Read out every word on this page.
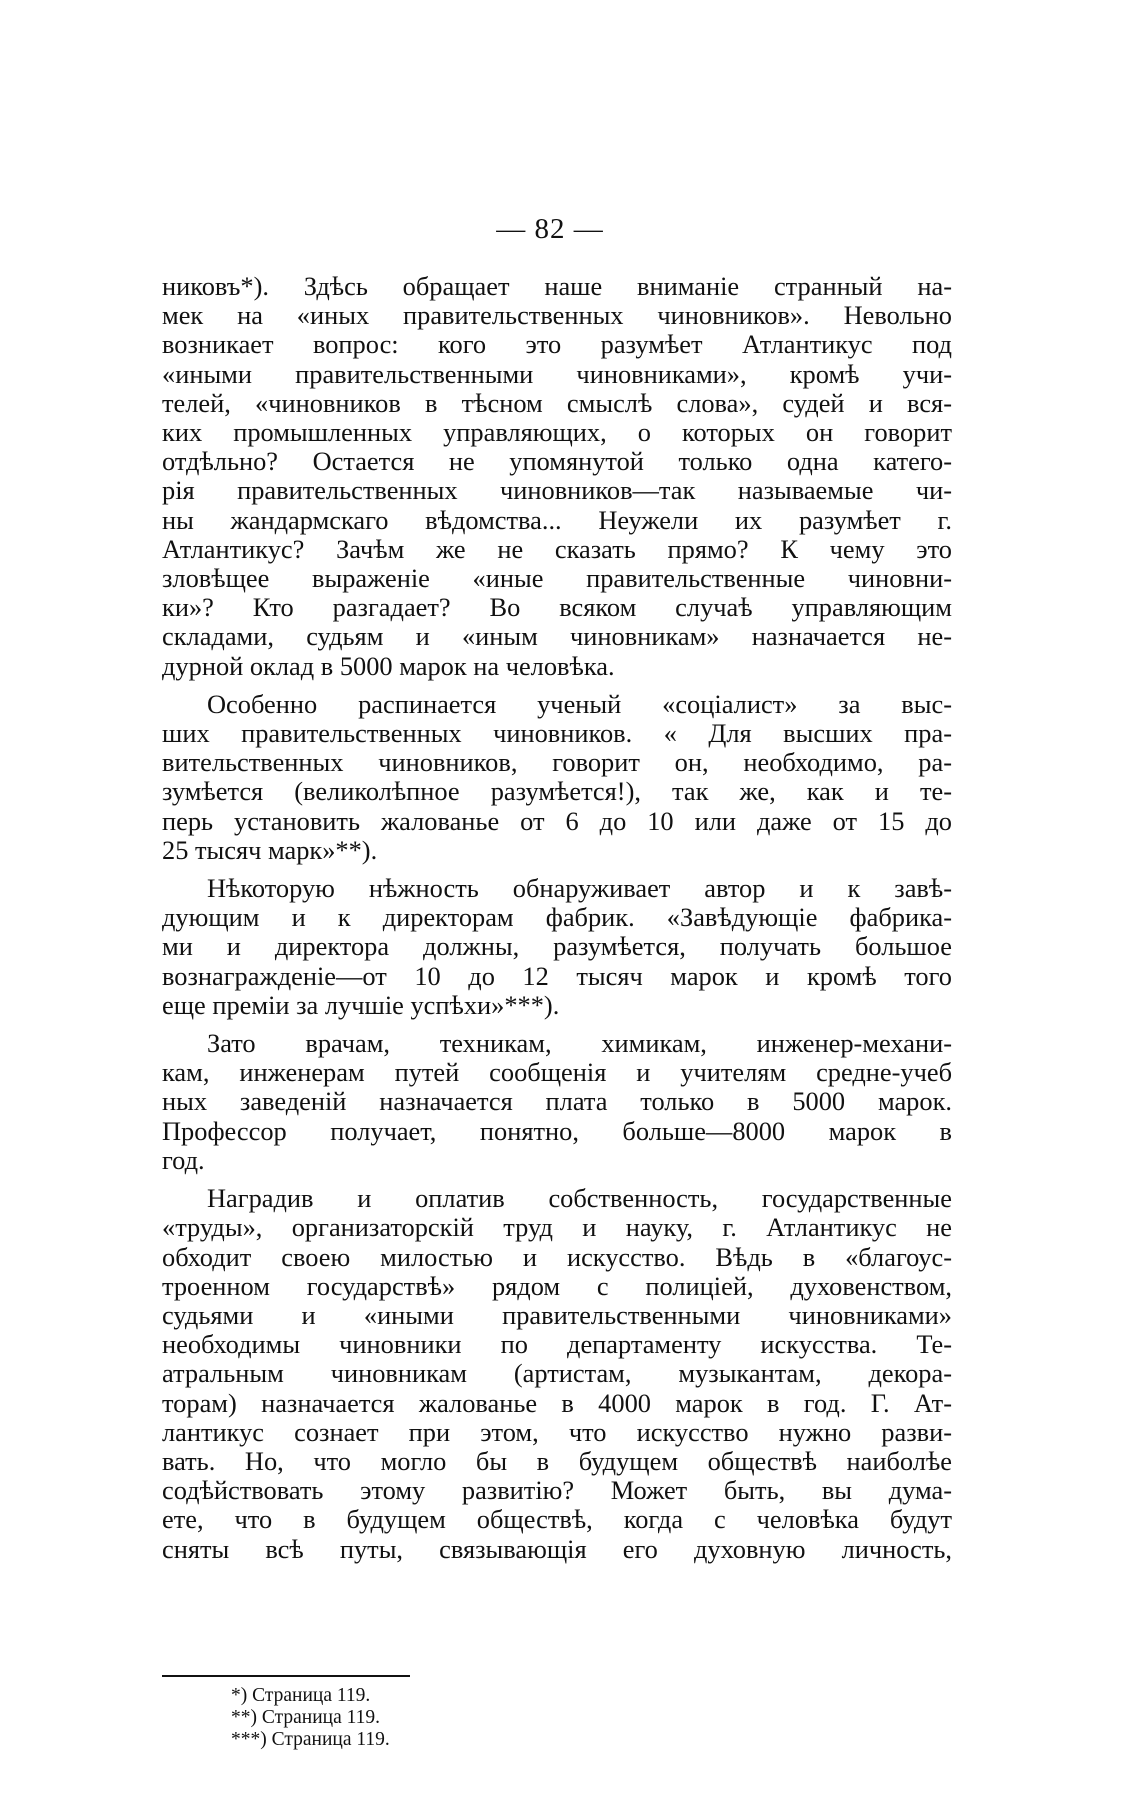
— 82 —
никовъ*). Здѣсь обращает наше вниманіе странный на-
мек на «иных правительственных чиновников». Невольно
возникает вопрос: кого это разумѣет Атлантикус под
«иными правительственными чиновниками», кромѣ учи-
телей, «чиновников в тѣсном смыслѣ слова», судей и вся-
ких промышленных управляющих, о которых он говорит
отдѣльно? Остается не упомянутой только одна катего-
рія правительственных чиновников—так называемые чи-
ны жандармскаго вѣдомства... Неужели их разумѣет г.
Атлантикус? Зачѣм же не сказать прямо? К чему это
зловѣщее выраженіе «иные правительственные чиновни-
ки»? Кто разгадает? Во всяком случаѣ управляющим
складами, судьям и «иным чиновникам» назначается не-
дурной оклад в 5000 марок на человѣка.
Особенно распинается ученый «соціалист» за выс-
ших правительственных чиновников. « Для высших пра-
вительственных чиновников, говорит он, необходимо, ра-
зумѣется (великолѣпное разумѣется!), так же, как и те-
перь установить жалованье от 6 до 10 или даже от 15 до
25 тысяч марк»**).
Нѣкоторую нѣжность обнаруживает автор и к завѣ-
дующим и к директорам фабрик. «Завѣдующіе фабрика-
ми и директора должны, разумѣется, получать большое
вознагражденіе—от 10 до 12 тысяч марок и кромѣ того
еще преміи за лучшіе успѣхи»***).
Зато врачам, техникам, химикам, инженер-механи-
кам, инженерам путей сообщенія и учителям средне-учеб
ных заведеній назначается плата только в 5000 марок.
Профессор получает, понятно, больше—8000 марок в
год.
Наградив и оплатив собственность, государственные
«труды», организаторскій труд и науку, г. Атлантикус не
обходит своею милостью и искусство. Вѣдь в «благоус-
троенном государствѣ» рядом с полиціей, духовенством,
судьями и «иными правительственными чиновниками»
необходимы чиновники по департаменту искусства. Те-
атральным чиновникам (артистам, музыкантам, декора-
торам) назначается жалованье в 4000 марок в год. Г. Ат-
лантикус сознает при этом, что искусство нужно разви-
вать. Но, что могло бы в будущем обществѣ наиболѣе
содѣйствовать этому развитію? Может быть, вы дума-
ете, что в будущем обществѣ, когда с человѣка будут
сняты всѣ путы, связывающія его духовную личность,
*) Страница 119.
**) Страница 119.
***) Страница 119.
